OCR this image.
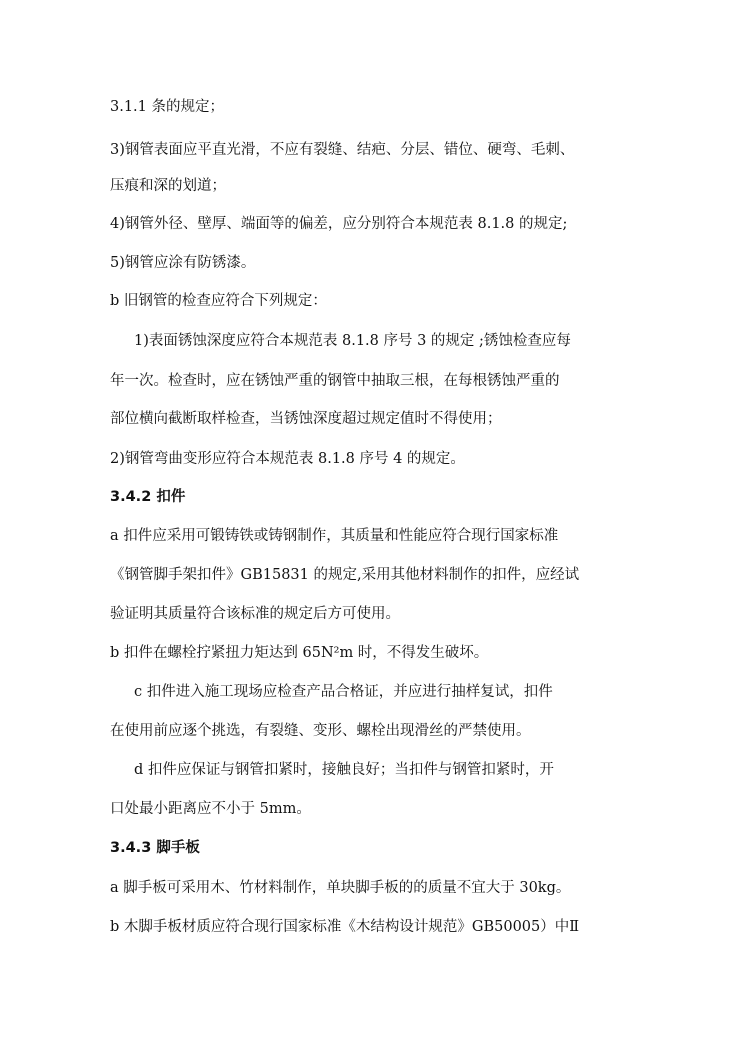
3.1.1 条的规定；

3)钢管表面应平直光滑，不应有裂缝、结疤、分层、错位、硬弯、毛刺、

压痕和深的划道；

4)钢管外径、壁厚、端面等的偏差，应分别符合本规范表 8.1.8 的规定;

5)钢管应涂有防锈漆。

b 旧钢管的检查应符合下列规定：

1)表面锈蚀深度应符合本规范表 8.1.8 序号 3 的规定 ;锈蚀检查应每

年一次。检查时，应在锈蚀严重的钢管中抽取三根，在每根锈蚀严重的

部位横向截断取样检查，当锈蚀深度超过规定值时不得使用；

2)钢管弯曲变形应符合本规范表 8.1.8 序号 4 的规定。

3.4.2 扣件

a 扣件应采用可锻铸铁或铸钢制作，其质量和性能应符合现行国家标准

《钢管脚手架扣件》GB15831 的规定,采用其他材料制作的扣件，应经试

验证明其质量符合该标准的规定后方可使用。

b 扣件在螺栓拧紧扭力矩达到 65N²m 时，不得发生破坏。

c 扣件进入施工现场应检查产品合格证，并应进行抽样复试，扣件

在使用前应逐个挑选，有裂缝、变形、螺栓出现滑丝的严禁使用。

d 扣件应保证与钢管扣紧时，接触良好；当扣件与钢管扣紧时，开

口处最小距离应不小于 5mm。

3.4.3 脚手板

a 脚手板可采用木、竹材料制作，单块脚手板的的质量不宜大于 30kg。

b 木脚手板材质应符合现行国家标准《木结构设计规范》GB50005）中Ⅱ
